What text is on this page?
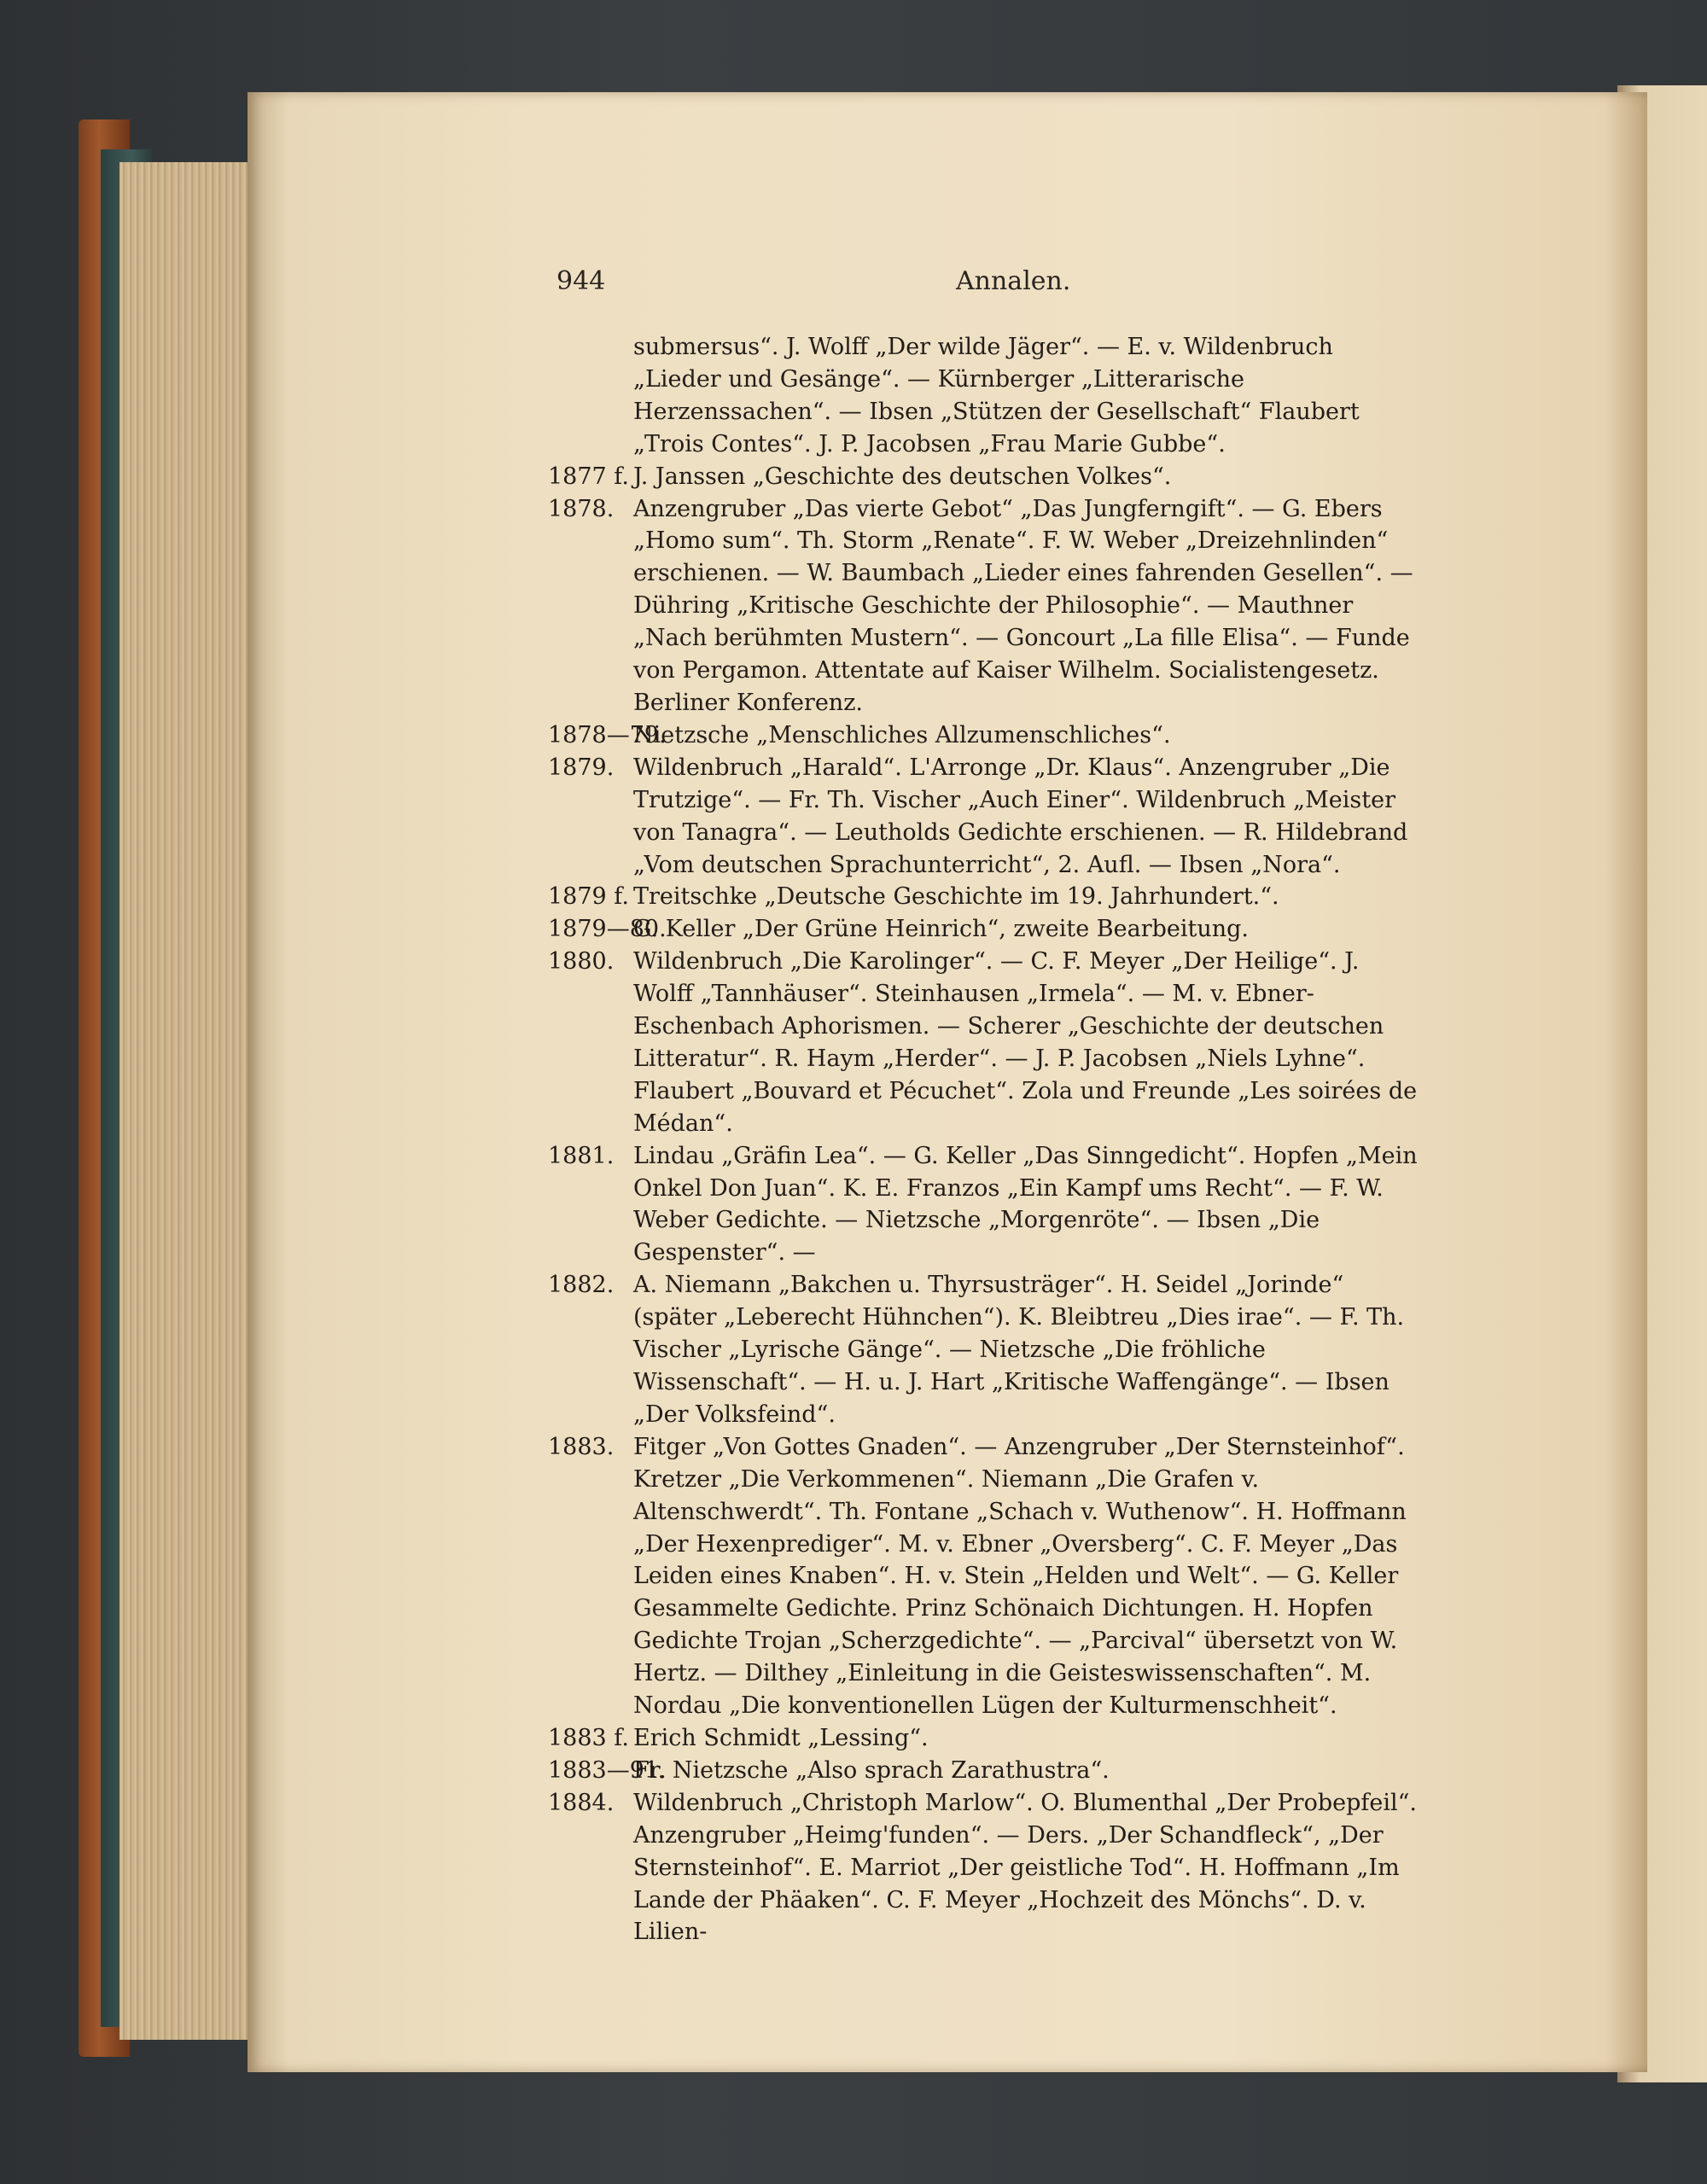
944	Annalen.
submersus“. J. Wolff „Der wilde Jäger“. — E. v. Wildenbruch „Lieder und Gesänge“. — Kürnberger „Litterarische Herzenssachen“. — Ibsen „Stützen der Gesellschaft“ Flaubert „Trois Contes“. J. P. Jacobsen „Frau Marie Gubbe“.
1877 f. J. Janssen „Geschichte des deutschen Volkes“.
1878. Anzengruber „Das vierte Gebot“ „Das Jungferngift“. — G. Ebers „Homo sum“. Th. Storm „Renate“. F. W. Weber „Dreizehnlinden“ erschienen. — W. Baumbach „Lieder eines fahrenden Gesellen“. — Dühring „Kritische Geschichte der Philosophie“. — Mauthner „Nach berühmten Mustern“. — Goncourt „La fille Elisa“. — Funde von Pergamon. Attentate auf Kaiser Wilhelm. Socialistengesetz. Berliner Konferenz.
1878—79.
Nietzsche „Menschliches Allzumenschliches“.
1879. Wildenbruch „Harald“. L'Arronge „Dr. Klaus“. Anzengruber „Die Trutzige“. — Fr. Th. Vischer „Auch Einer“. Wildenbruch „Meister von Tanagra“. — Leutholds Gedichte erschienen. — R. Hildebrand „Vom deutschen Sprachunterricht“, 2. Aufl. — Ibsen „Nora“.
1879 f. Treitschke „Deutsche Geschichte im 19. Jahrhundert.“.
1879—80.
G. Keller „Der Grüne Heinrich“, zweite Bearbeitung.
1880. Wildenbruch „Die Karolinger“. — C. F. Meyer „Der Heilige“. J. Wolff „Tannhäuser“. Steinhausen „Irmela“. — M. v. Ebner-Eschenbach Aphorismen. — Scherer „Geschichte der deutschen Litteratur“. R. Haym „Herder“. — J. P. Jacobsen „Niels Lyhne“. Flaubert „Bouvard et Pécuchet“. Zola und Freunde „Les soirées de Médan“.
1881. Lindau „Gräfin Lea“. — G. Keller „Das Sinngedicht“. Hopfen „Mein Onkel Don Juan“. K. E. Franzos „Ein Kampf ums Recht“. — F. W. Weber Gedichte. — Nietzsche „Morgenröte“. — Ibsen „Die Gespenster“. —
1882. A. Niemann „Bakchen u. Thyrsusträger“. H. Seidel „Jorinde“ (später „Leberecht Hühnchen“). K. Bleibtreu „Dies irae“. — F. Th. Vischer „Lyrische Gänge“. — Nietzsche „Die fröhliche Wissenschaft“. — H. u. J. Hart „Kritische Waffengänge“. — Ibsen „Der Volksfeind“.
1883. Fitger „Von Gottes Gnaden“. — Anzengruber „Der Sternsteinhof“. Kretzer „Die Verkommenen“. Niemann „Die Grafen v. Altenschwerdt“. Th. Fontane „Schach v. Wuthenow“. H. Hoffmann „Der Hexenprediger“. M. v. Ebner „Oversberg“. C. F. Meyer „Das Leiden eines Knaben“. H. v. Stein „Helden und Welt“. — G. Keller Gesammelte Gedichte. Prinz Schönaich Dichtungen. H. Hopfen Gedichte Trojan „Scherzgedichte“. — „Parcival“ übersetzt von W. Hertz. — Dilthey „Einleitung in die Geisteswissenschaften“. M. Nordau „Die konventionellen Lügen der Kulturmenschheit“.
1883 f. Erich Schmidt „Lessing“.
1883—91.
Fr. Nietzsche „Also sprach Zarathustra“.
1884. Wildenbruch „Christoph Marlow“. O. Blumenthal „Der Probepfeil“. Anzengruber „Heimg'funden“. — Ders. „Der Schandfleck“, „Der Sternsteinhof“. E. Marriot „Der geistliche Tod“. H. Hoffmann „Im Lande der Phäaken“. C. F. Meyer „Hochzeit des Mönchs“. D. v. Lilien-
